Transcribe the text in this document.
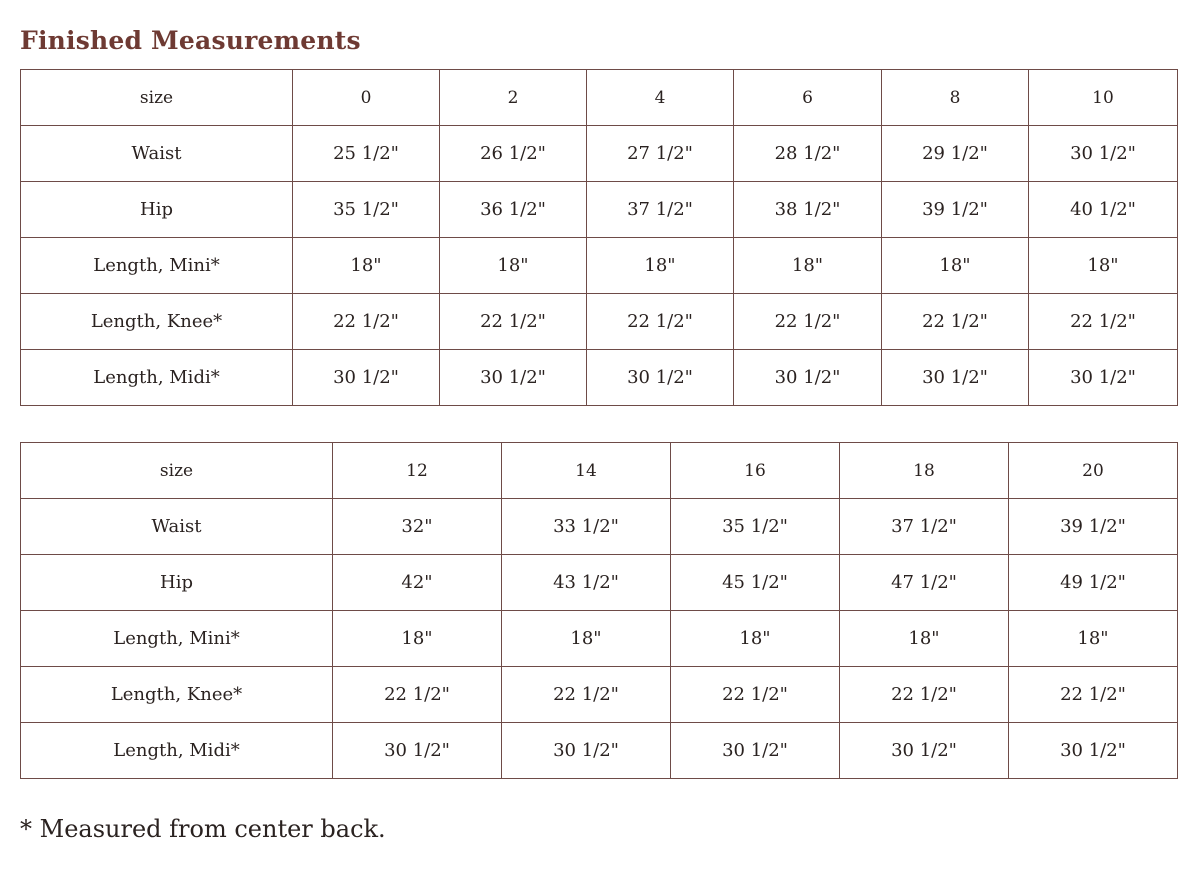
Finished Measurements
size	0	2	4	6	8	10
Waist	25 1/2"	26 1/2"	27 1/2"	28 1/2"	29 1/2"	30 1/2"
Hip	35 1/2"	36 1/2"	37 1/2"	38 1/2"	39 1/2"	40 1/2"
Length, Mini*	18"	18"	18"	18"	18"	18"
Length, Knee*	22 1/2"	22 1/2"	22 1/2"	22 1/2"	22 1/2"	22 1/2"
Length, Midi*	30 1/2"	30 1/2"	30 1/2"	30 1/2"	30 1/2"	30 1/2"
size	12	14	16	18	20
Waist	32"	33 1/2"	35 1/2"	37 1/2"	39 1/2"
Hip	42"	43 1/2"	45 1/2"	47 1/2"	49 1/2"
Length, Mini*	18"	18"	18"	18"	18"
Length, Knee*	22 1/2"	22 1/2"	22 1/2"	22 1/2"	22 1/2"
Length, Midi*	30 1/2"	30 1/2"	30 1/2"	30 1/2"	30 1/2"
* Measured from center back.
